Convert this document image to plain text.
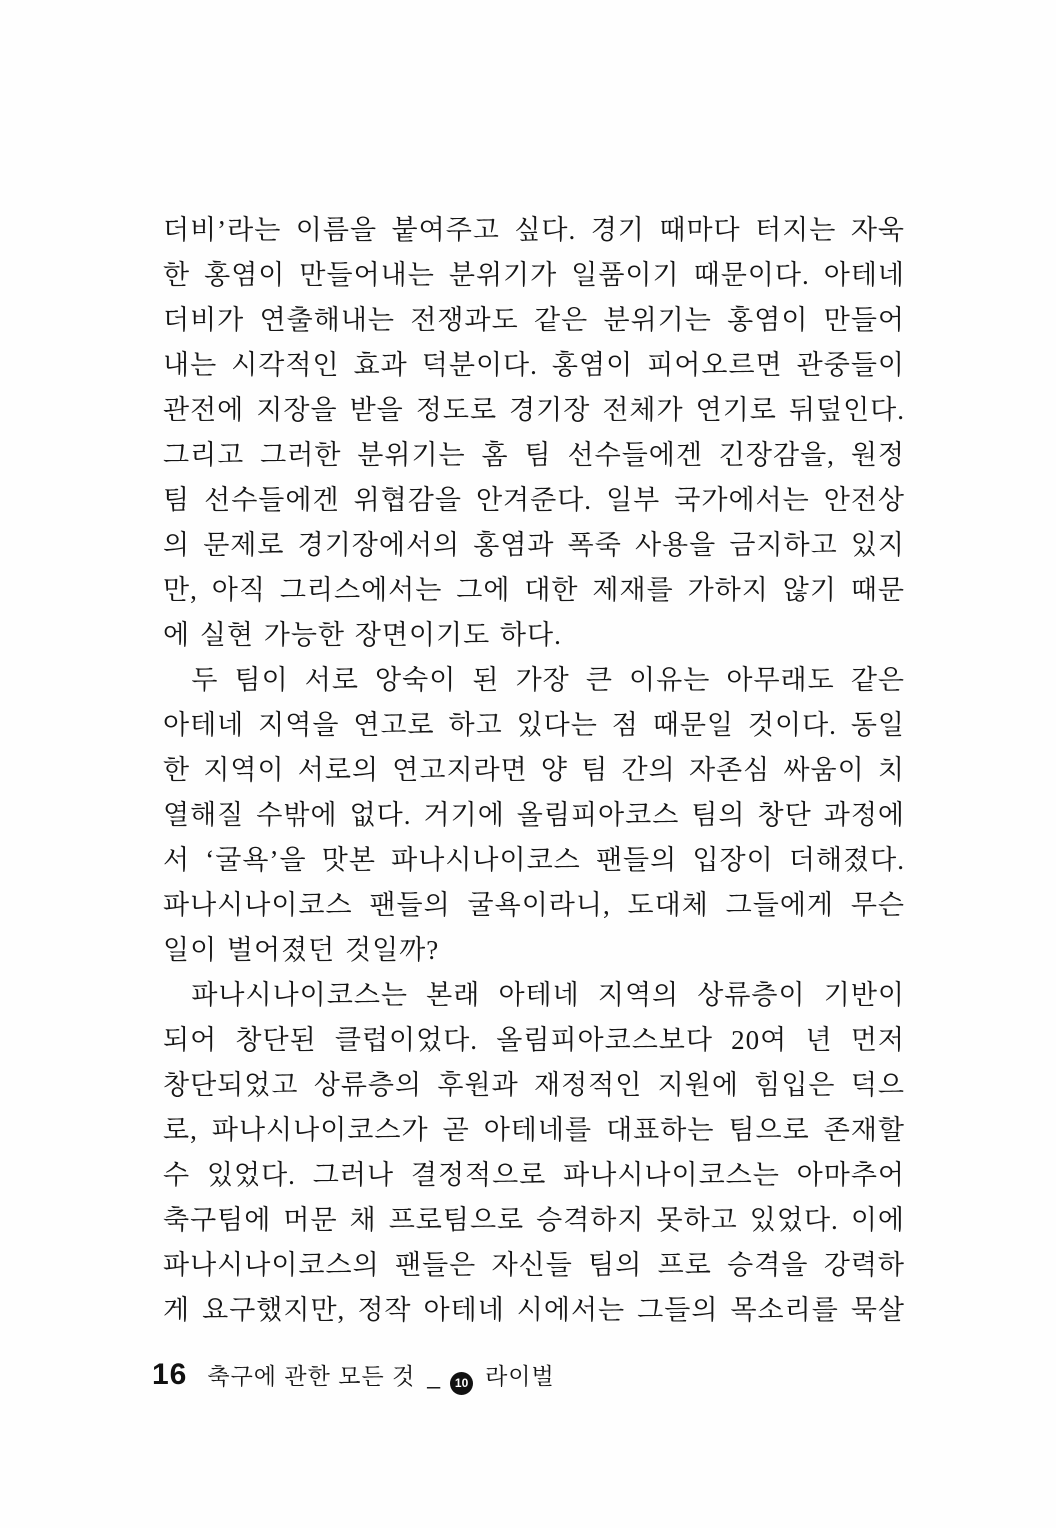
더비’라는 이름을 붙여주고 싶다. 경기 때마다 터지는 자욱
한 홍염이 만들어내는 분위기가 일품이기 때문이다. 아테네
더비가 연출해내는 전쟁과도 같은 분위기는 홍염이 만들어
내는 시각적인 효과 덕분이다. 홍염이 피어오르면 관중들이
관전에 지장을 받을 정도로 경기장 전체가 연기로 뒤덮인다.
그리고 그러한 분위기는 홈 팀 선수들에겐 긴장감을, 원정
팀 선수들에겐 위협감을 안겨준다. 일부 국가에서는 안전상
의 문제로 경기장에서의 홍염과 폭죽 사용을 금지하고 있지
만, 아직 그리스에서는 그에 대한 제재를 가하지 않기 때문
에 실현 가능한 장면이기도 하다.
두 팀이 서로 앙숙이 된 가장 큰 이유는 아무래도 같은
아테네 지역을 연고로 하고 있다는 점 때문일 것이다. 동일
한 지역이 서로의 연고지라면 양 팀 간의 자존심 싸움이 치
열해질 수밖에 없다. 거기에 올림피아코스 팀의 창단 과정에
서 ‘굴욕’을 맛본 파나시나이코스 팬들의 입장이 더해졌다.
파나시나이코스 팬들의 굴욕이라니, 도대체 그들에게 무슨
일이 벌어졌던 것일까?
파나시나이코스는 본래 아테네 지역의 상류층이 기반이
되어 창단된 클럽이었다. 올림피아코스보다 20여 년 먼저
창단되었고 상류층의 후원과 재정적인 지원에 힘입은 덕으
로, 파나시나이코스가 곧 아테네를 대표하는 팀으로 존재할
수 있었다. 그러나 결정적으로 파나시나이코스는 아마추어
축구팀에 머문 채 프로팀으로 승격하지 못하고 있었다. 이에
파나시나이코스의 팬들은 자신들 팀의 프로 승격을 강력하
게 요구했지만, 정작 아테네 시에서는 그들의 목소리를 묵살
16 축구에 관한 모든 것 _	10 라이벌
